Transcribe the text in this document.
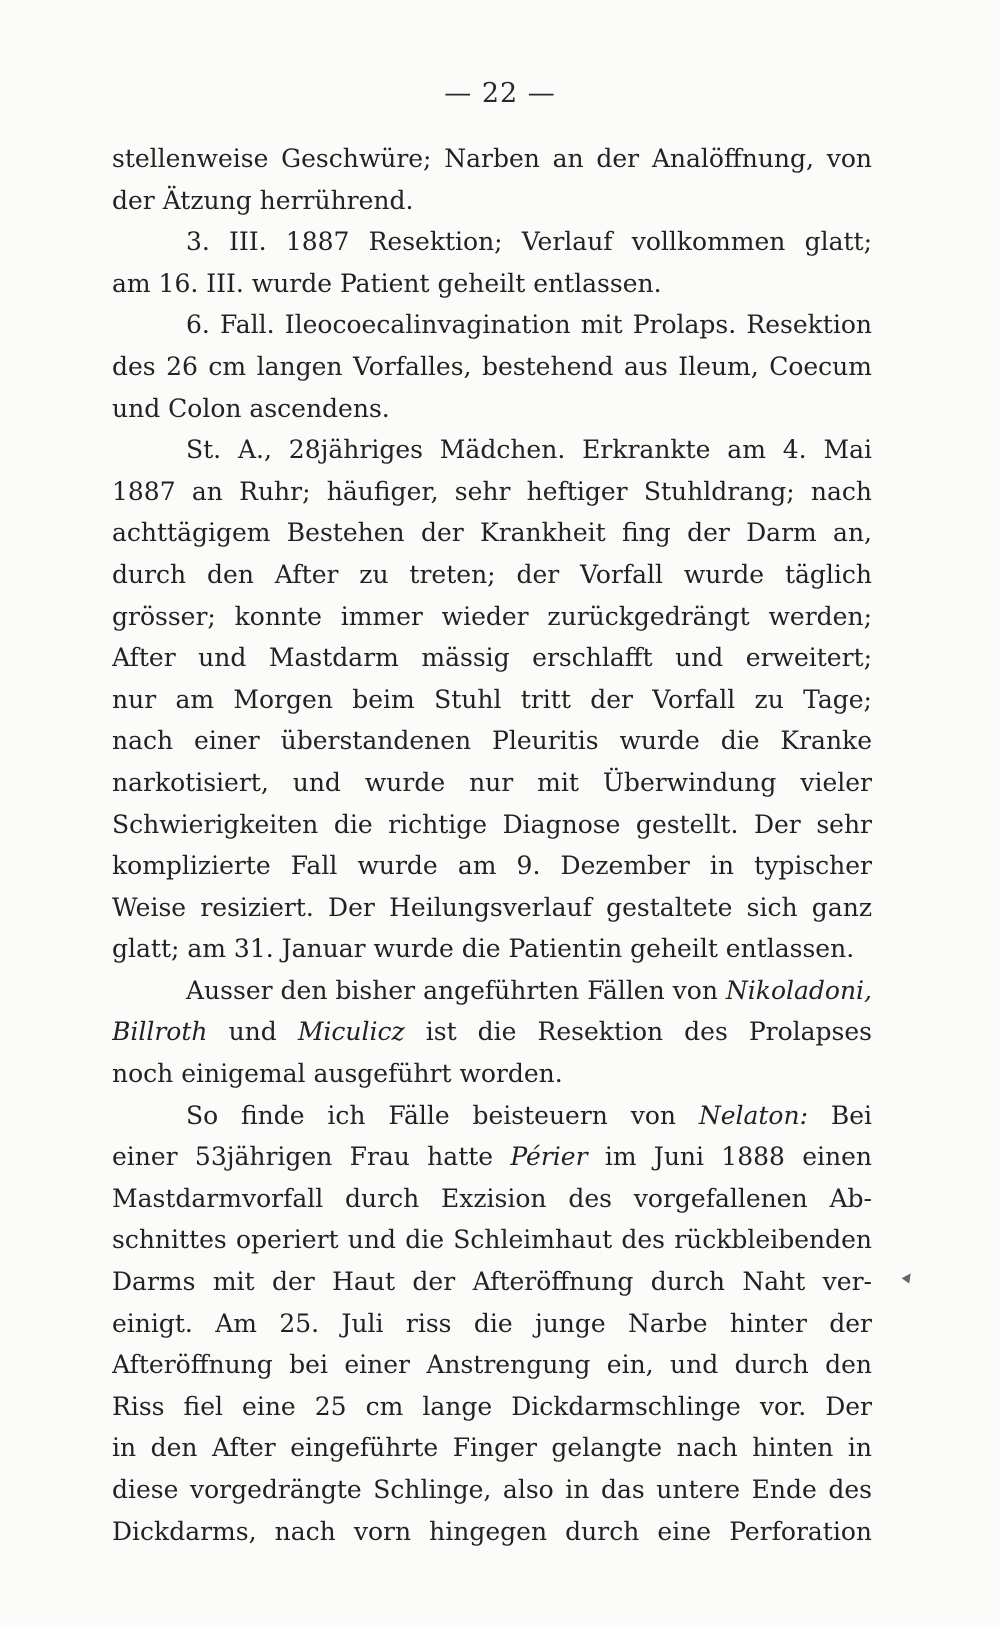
— 22 —
stellenweise Geschwüre; Narben an der Analöffnung, von
der Ätzung herrührend.
3. III. 1887 Resektion; Verlauf vollkommen glatt;
am 16. III. wurde Patient geheilt entlassen.
6. Fall. Ileocoecalinvagination mit Prolaps. Resektion
des 26 cm langen Vorfalles, bestehend aus Ileum, Coecum
und Colon ascendens.
St. A., 28jähriges Mädchen. Erkrankte am 4. Mai
1887 an Ruhr; häufiger, sehr heftiger Stuhldrang; nach
achttägigem Bestehen der Krankheit fing der Darm an,
durch den After zu treten; der Vorfall wurde täglich
grösser; konnte immer wieder zurückgedrängt werden;
After und Mastdarm mässig erschlafft und erweitert;
nur am Morgen beim Stuhl tritt der Vorfall zu Tage;
nach einer überstandenen Pleuritis wurde die Kranke
narkotisiert, und wurde nur mit Überwindung vieler
Schwierigkeiten die richtige Diagnose gestellt. Der sehr
komplizierte Fall wurde am 9. Dezember in typischer
Weise resiziert. Der Heilungsverlauf gestaltete sich ganz
glatt; am 31. Januar wurde die Patientin geheilt entlassen.
Ausser den bisher angeführten Fällen von Nikoladoni,
Billroth und Miculicz ist die Resektion des Prolapses
noch einigemal ausgeführt worden.
So finde ich Fälle beisteuern von Nelaton: Bei
einer 53jährigen Frau hatte Périer im Juni 1888 einen
Mastdarmvorfall durch Exzision des vorgefallenen Ab-
schnittes operiert und die Schleimhaut des rückbleibenden
Darms mit der Haut der Afteröffnung durch Naht ver-
einigt. Am 25. Juli riss die junge Narbe hinter der
Afteröffnung bei einer Anstrengung ein, und durch den
Riss fiel eine 25 cm lange Dickdarmschlinge vor. Der
in den After eingeführte Finger gelangte nach hinten in
diese vorgedrängte Schlinge, also in das untere Ende des
Dickdarms, nach vorn hingegen durch eine Perforation
▲
